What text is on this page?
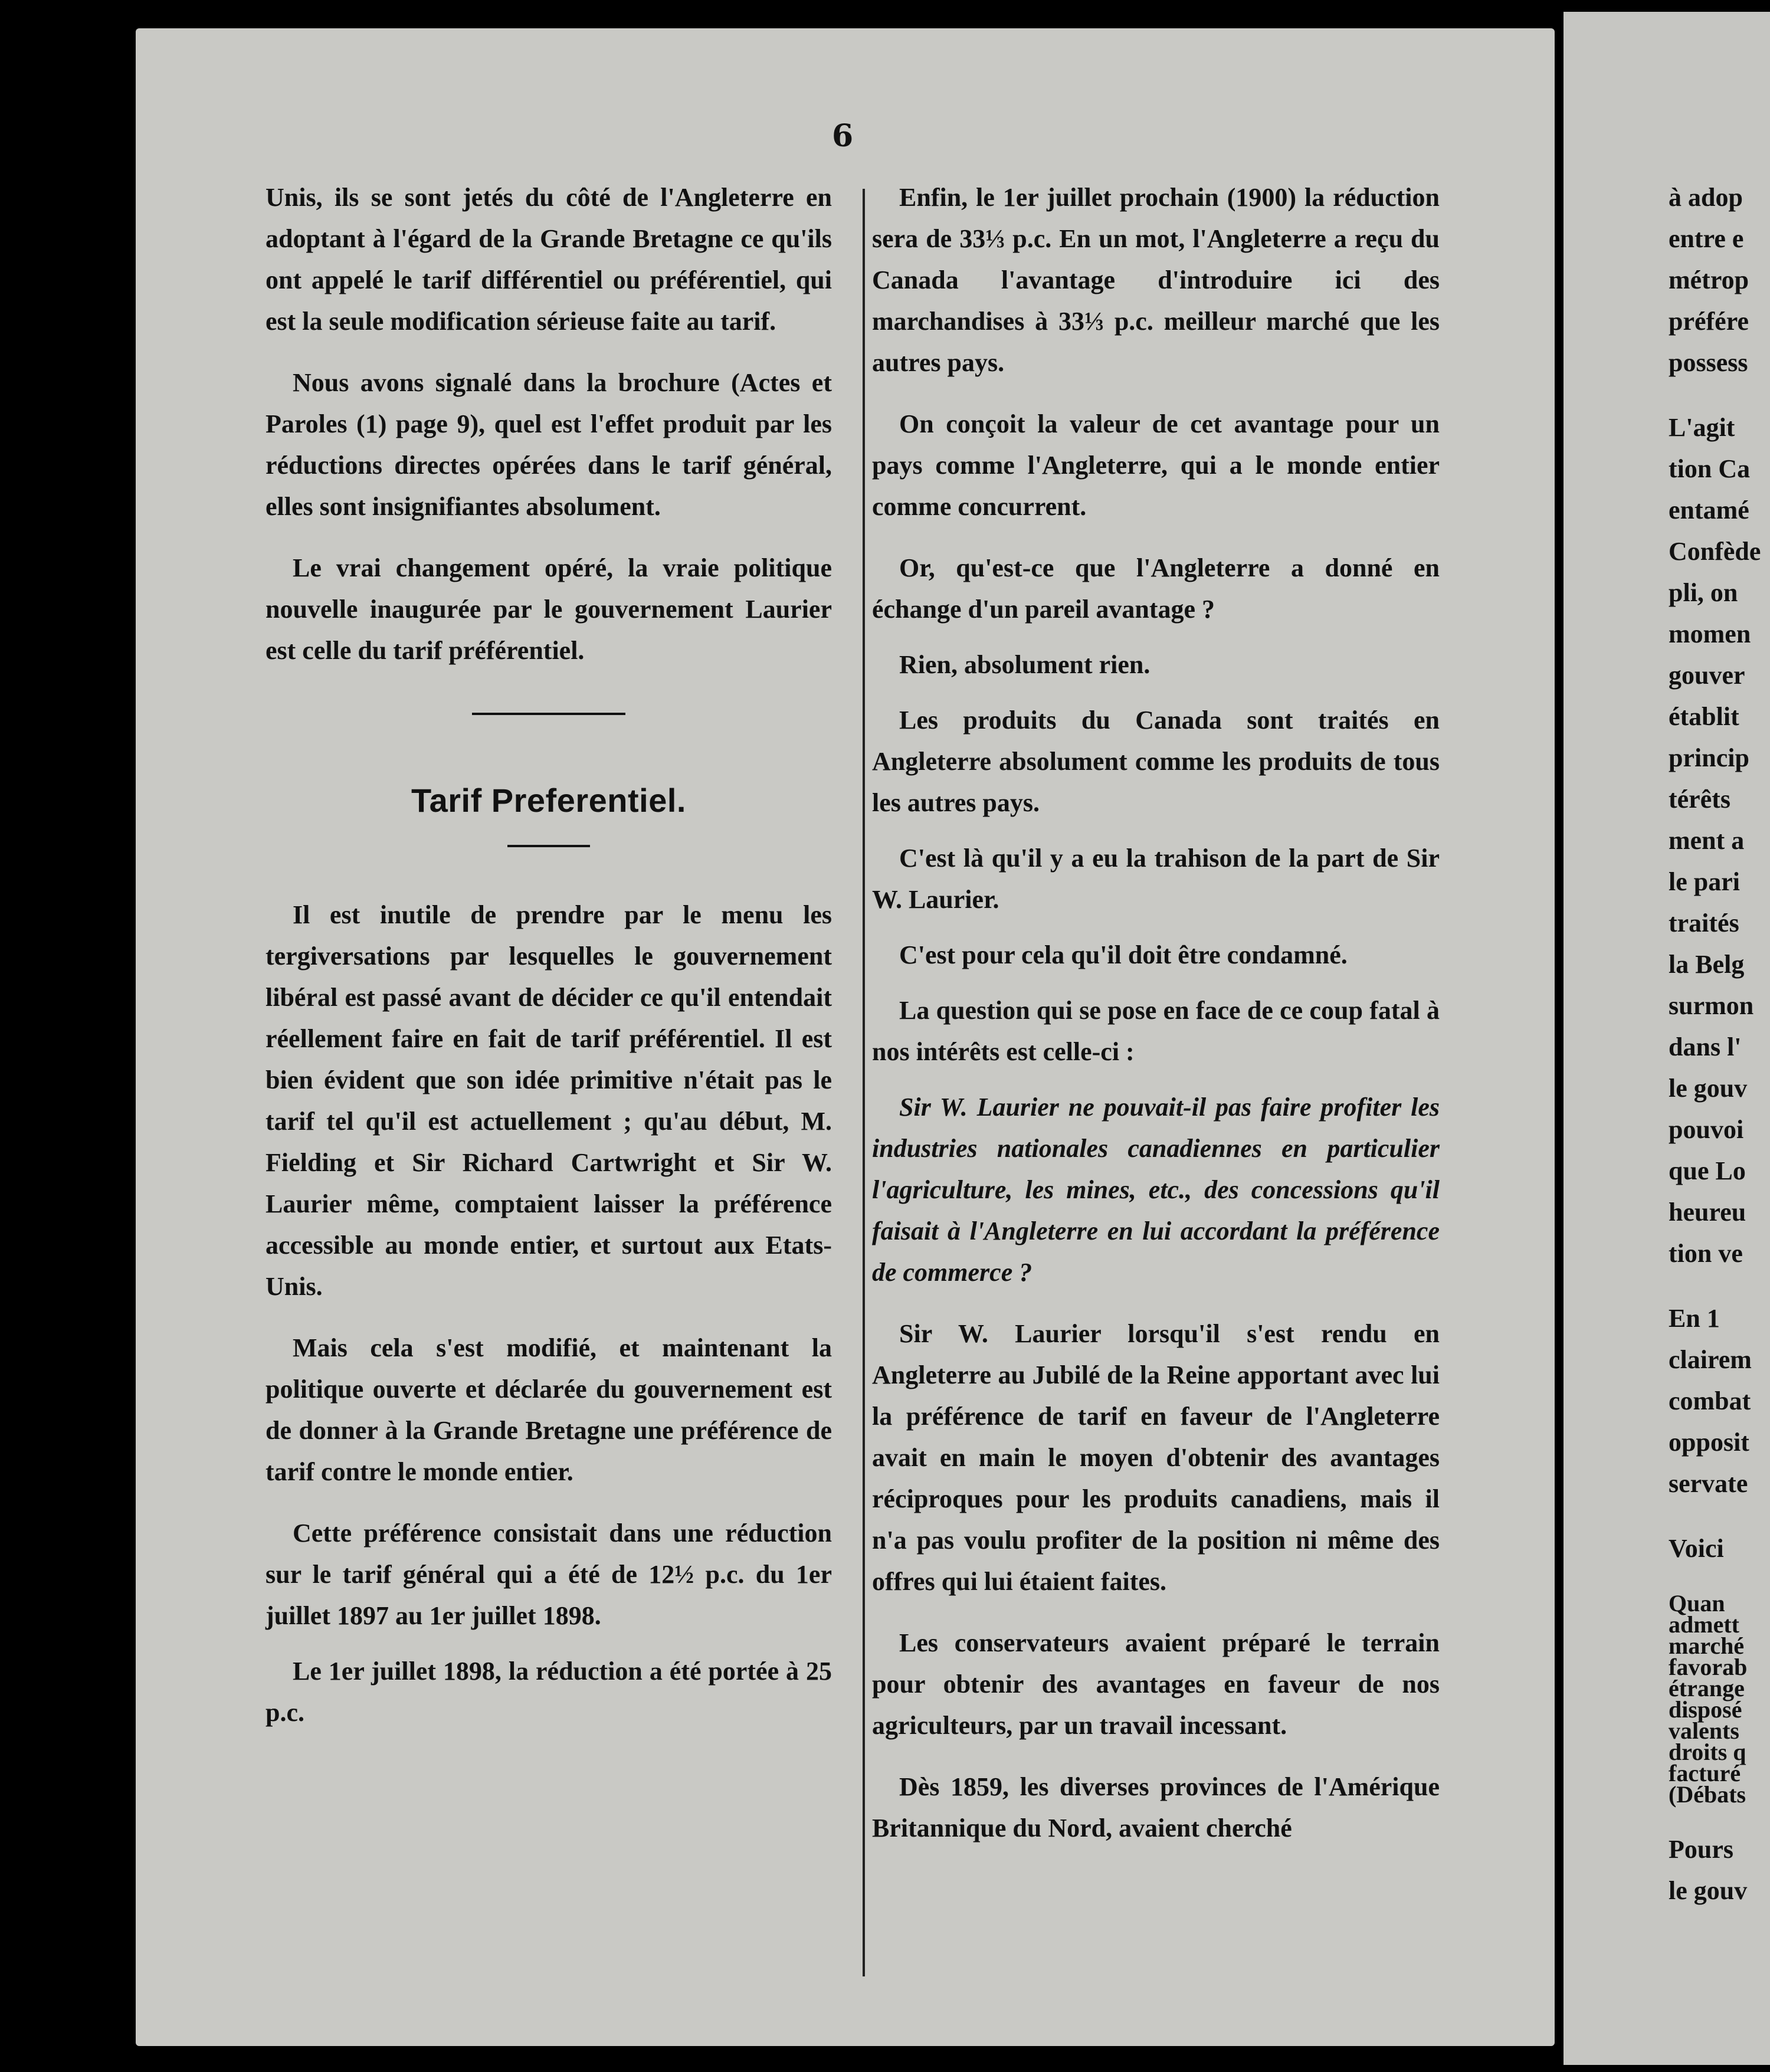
6

Unis, ils se sont jetés du côté de l'Angleterre en adoptant à l'égard de la Grande Bretagne ce qu'ils ont appelé le tarif différentiel ou préférentiel, qui est la seule modification sérieuse faite au tarif.

Nous avons signalé dans la brochure (Actes et Paroles (1) page 9), quel est l'effet produit par les réductions directes opérées dans le tarif général, elles sont insignifiantes absolument.

Le vrai changement opéré, la vraie politique nouvelle inaugurée par le gouvernement Laurier est celle du tarif préférentiel.

Tarif Preferentiel.

Il est inutile de prendre par le menu les tergiversations par lesquelles le gouvernement libéral est passé avant de décider ce qu'il entendait réellement faire en fait de tarif préférentiel. Il est bien évident que son idée primitive n'était pas le tarif tel qu'il est actuellement ; qu'au début, M. Fielding et Sir Richard Cartwright et Sir W. Laurier même, comptaient laisser la préférence accessible au monde entier, et surtout aux Etats-Unis.

Mais cela s'est modifié, et maintenant la politique ouverte et déclarée du gouvernement est de donner à la Grande Bretagne une préférence de tarif contre le monde entier.

Cette préférence consistait dans une réduction sur le tarif général qui a été de 12½ p.c. du 1er juillet 1897 au 1er juillet 1898.

Le 1er juillet 1898, la réduction a été portée à 25 p.c.

Enfin, le 1er juillet prochain (1900) la réduction sera de 33⅓ p.c. En un mot, l'Angleterre a reçu du Canada l'avantage d'introduire ici des marchandises à 33⅓ p.c. meilleur marché que les autres pays.

On conçoit la valeur de cet avantage pour un pays comme l'Angleterre, qui a le monde entier comme concurrent.

Or, qu'est-ce que l'Angleterre a donné en échange d'un pareil avantage ?

Rien, absolument rien.

Les produits du Canada sont traités en Angleterre absolument comme les produits de tous les autres pays.

C'est là qu'il y a eu la trahison de la part de Sir W. Laurier.

C'est pour cela qu'il doit être condamné.

La question qui se pose en face de ce coup fatal à nos intérêts est celle-ci :

Sir W. Laurier ne pouvait-il pas faire profiter les industries nationales canadiennes en particulier l'agriculture, les mines, etc., des concessions qu'il faisait à l'Angleterre en lui accordant la préférence de commerce ?

Sir W. Laurier lorsqu'il s'est rendu en Angleterre au Jubilé de la Reine apportant avec lui la préférence de tarif en faveur de l'Angleterre avait en main le moyen d'obtenir des avantages réciproques pour les produits canadiens, mais il n'a pas voulu profiter de la position ni même des offres qui lui étaient faites.

Les conservateurs avaient préparé le terrain pour obtenir des avantages en faveur de nos agriculteurs, par un travail incessant.

Dès 1859, les diverses provinces de l'Amérique Britannique du Nord, avaient cherché

à adop
entre e
métrop
préfére
possess
L'agit
tion Ca
entamé
Confède
pli, on
momen
gouver
établit
princip
térêts
ment a
le pari
traités
la Belg
surmon
dans l'
le gouv
pouvoi
que Lo
heureu
tion ve
En 1
clairem
combat
opposit
servate
Voici
Quan
admett
marché
favorab
étrange
disposé
valents
droits q
facturé
(Débats
Pours
le gouv
